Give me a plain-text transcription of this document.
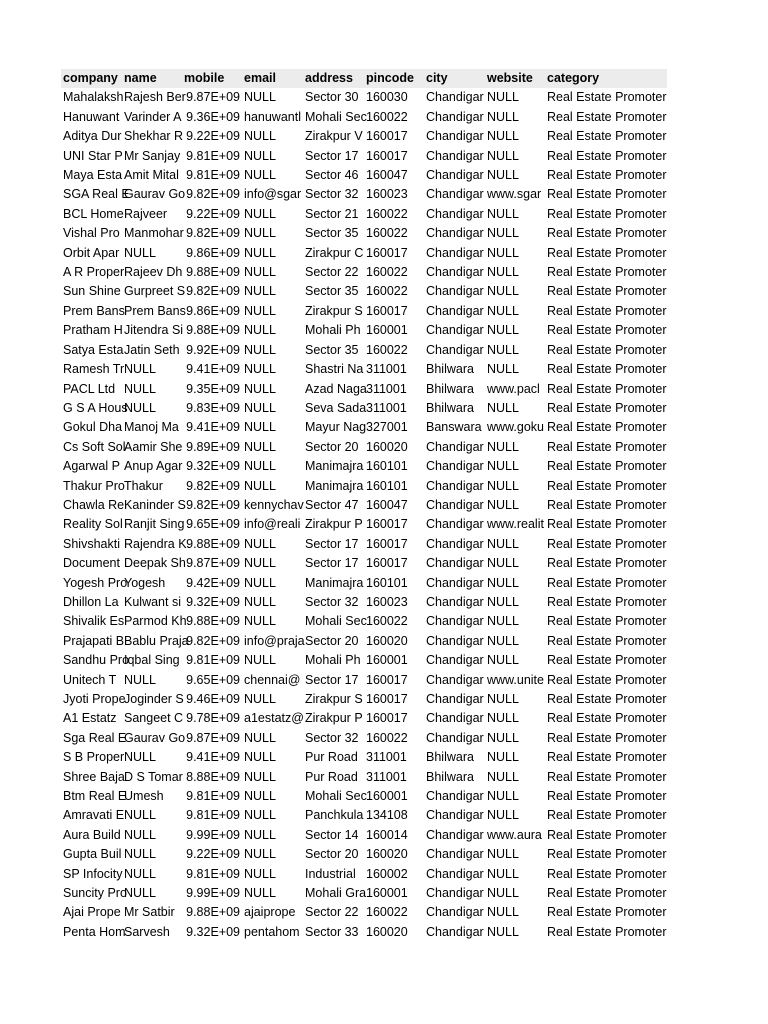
company	name	mobile	email	address	pincode	city	website	category
Mahalaksh	Rajesh Ber	9.87E+09	NULL	Sector 30	160030	Chandigar	NULL	Real Estate Promoter
Hanuwant	Varinder A	9.36E+09	hanuwantl	Mohali Sec	160022	Chandigar	NULL	Real Estate Promoter
Aditya Dur	Shekhar R	9.22E+09	NULL	Zirakpur V	160017	Chandigar	NULL	Real Estate Promoter
UNI Star P	Mr Sanjay	9.81E+09	NULL	Sector 17	160017	Chandigar	NULL	Real Estate Promoter
Maya Esta	Amit Mital	9.81E+09	NULL	Sector 46	160047	Chandigar	NULL	Real Estate Promoter
SGA Real E	Gaurav Go	9.82E+09	info@sgar	Sector 32	160023	Chandigar	www.sgar	Real Estate Promoter
BCL Home	Rajveer	9.22E+09	NULL	Sector 21	160022	Chandigar	NULL	Real Estate Promoter
Vishal Pro	Manmohar	9.82E+09	NULL	Sector 35	160022	Chandigar	NULL	Real Estate Promoter
Orbit Apar	NULL	9.86E+09	NULL	Zirakpur C	160017	Chandigar	NULL	Real Estate Promoter
A R Proper	Rajeev Dh	9.88E+09	NULL	Sector 22	160022	Chandigar	NULL	Real Estate Promoter
Sun Shine	Gurpreet S	9.82E+09	NULL	Sector 35	160022	Chandigar	NULL	Real Estate Promoter
Prem Bans	Prem Bans	9.86E+09	NULL	Zirakpur S	160017	Chandigar	NULL	Real Estate Promoter
Pratham H	Jitendra Si	9.88E+09	NULL	Mohali Ph	160001	Chandigar	NULL	Real Estate Promoter
Satya Esta	Jatin Seth	9.92E+09	NULL	Sector 35	160022	Chandigar	NULL	Real Estate Promoter
Ramesh Tr	NULL	9.41E+09	NULL	Shastri Na	311001	Bhilwara	NULL	Real Estate Promoter
PACL Ltd	NULL	9.35E+09	NULL	Azad Naga	311001	Bhilwara	www.pacl	Real Estate Promoter
G S A Hous	NULL	9.83E+09	NULL	Seva Sada	311001	Bhilwara	NULL	Real Estate Promoter
Gokul Dha	Manoj Ma	9.41E+09	NULL	Mayur Nag	327001	Banswara	www.goku	Real Estate Promoter
Cs Soft Sol	Aamir She	9.89E+09	NULL	Sector 20	160020	Chandigar	NULL	Real Estate Promoter
Agarwal P	Anup Agar	9.32E+09	NULL	Manimajra	160101	Chandigar	NULL	Real Estate Promoter
Thakur Pro	Thakur	9.82E+09	NULL	Manimajra	160101	Chandigar	NULL	Real Estate Promoter
Chawla Re	Kaninder S	9.82E+09	kennychav	Sector 47	160047	Chandigar	NULL	Real Estate Promoter
Reality Sol	Ranjit Sing	9.65E+09	info@reali	Zirakpur P	160017	Chandigar	www.realit	Real Estate Promoter
Shivshakti	Rajendra K	9.88E+09	NULL	Sector 17	160017	Chandigar	NULL	Real Estate Promoter
Document	Deepak Sh	9.87E+09	NULL	Sector 17	160017	Chandigar	NULL	Real Estate Promoter
Yogesh Pro	Yogesh	9.42E+09	NULL	Manimajra	160101	Chandigar	NULL	Real Estate Promoter
Dhillon La	Kulwant si	9.32E+09	NULL	Sector 32	160023	Chandigar	NULL	Real Estate Promoter
Shivalik Es	Parmod Kh	9.88E+09	NULL	Mohali Sec	160022	Chandigar	NULL	Real Estate Promoter
Prajapati B	Bablu Praja	9.82E+09	info@praja	Sector 20	160020	Chandigar	NULL	Real Estate Promoter
Sandhu Pro	Iqbal Sing	9.81E+09	NULL	Mohali Ph	160001	Chandigar	NULL	Real Estate Promoter
Unitech T	NULL	9.65E+09	chennai@	Sector 17	160017	Chandigar	www.unite	Real Estate Promoter
Jyoti Prope	Joginder S	9.46E+09	NULL	Zirakpur S	160017	Chandigar	NULL	Real Estate Promoter
A1 Estatz	Sangeet C	9.78E+09	a1estatz@	Zirakpur P	160017	Chandigar	NULL	Real Estate Promoter
Sga Real E	Gaurav Go	9.87E+09	NULL	Sector 32	160022	Chandigar	NULL	Real Estate Promoter
S B Proper	NULL	9.41E+09	NULL	Pur Road	311001	Bhilwara	NULL	Real Estate Promoter
Shree Baja	D S Tomar	8.88E+09	NULL	Pur Road	311001	Bhilwara	NULL	Real Estate Promoter
Btm Real E	Umesh	9.81E+09	NULL	Mohali Sec	160001	Chandigar	NULL	Real Estate Promoter
Amravati E	NULL	9.81E+09	NULL	Panchkula	134108	Chandigar	NULL	Real Estate Promoter
Aura Build	NULL	9.99E+09	NULL	Sector 14	160014	Chandigar	www.aura	Real Estate Promoter
Gupta Buil	NULL	9.22E+09	NULL	Sector 20	160020	Chandigar	NULL	Real Estate Promoter
SP Infocity	NULL	9.81E+09	NULL	Industrial	160002	Chandigar	NULL	Real Estate Promoter
Suncity Pro	NULL	9.99E+09	NULL	Mohali Gra	160001	Chandigar	NULL	Real Estate Promoter
Ajai Prope	Mr Satbir	9.88E+09	ajaiprope	Sector 22	160022	Chandigar	NULL	Real Estate Promoter
Penta Hom	Sarvesh	9.32E+09	pentahom	Sector 33	160020	Chandigar	NULL	Real Estate Promoter
